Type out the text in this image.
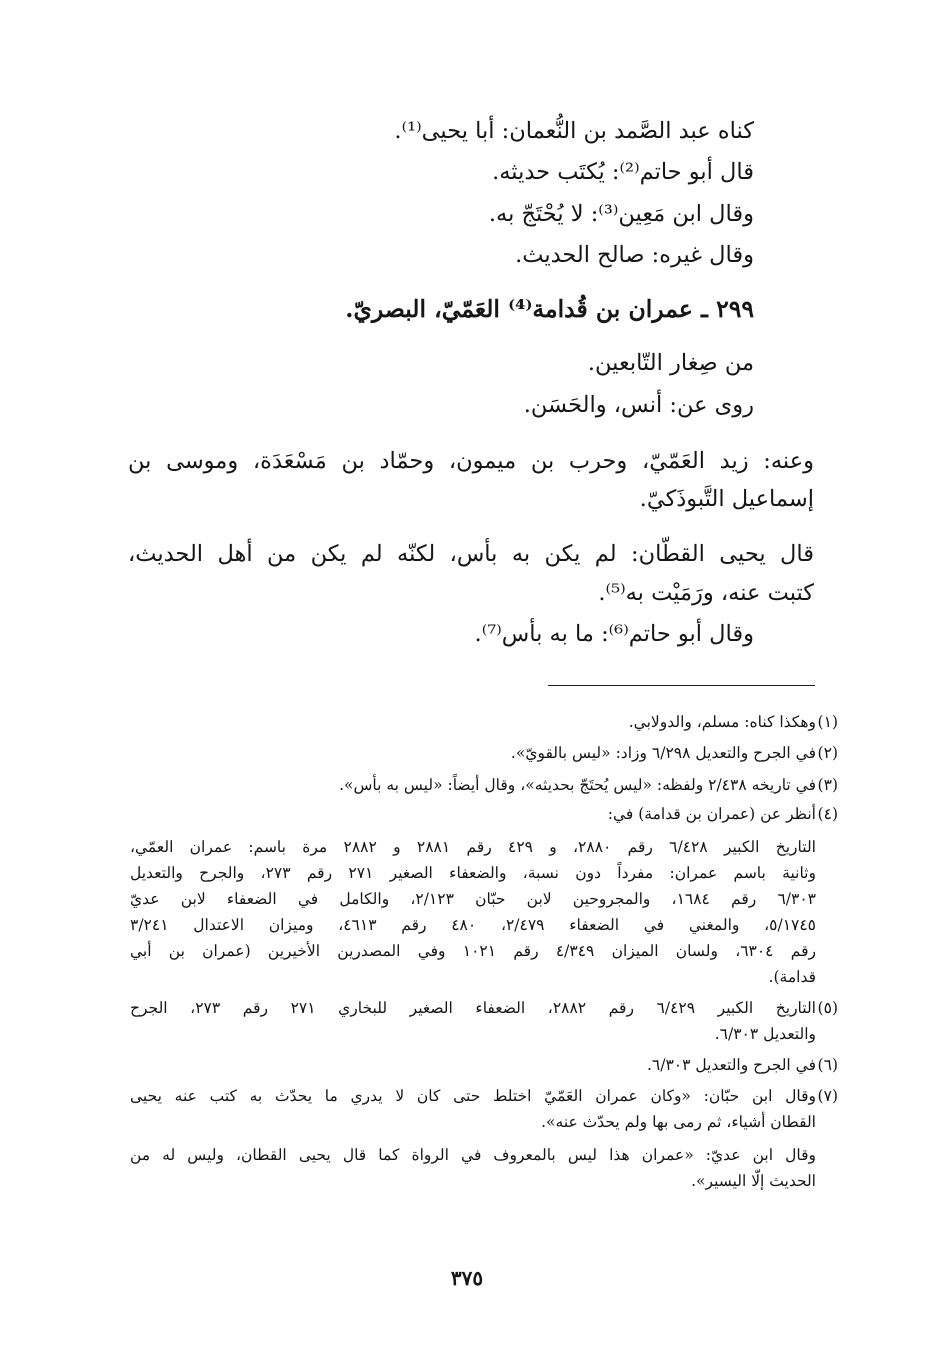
كناه عبد الصَّمد بن النُّعمان: أبا يحيى⁽¹⁾.
قال أبو حاتم⁽²⁾: يُكتَب حديثه.
وقال ابن مَعِين⁽³⁾: لا يُحْتَجّ به.
وقال غيره: صالح الحديث.
٢٩٩ ـ عمران بن قُدامة⁽⁴⁾ العَمّيّ، البصريّ.
من صِغار التّابعين.
روى عن: أنس، والحَسَن.
وعنه: زيد العَمّيّ، وحرب بن ميمون، وحمّاد بن مَسْعَدَة، وموسى بن
إسماعيل التَّبوذَكيّ.
قال يحيى القطّان: لم يكن به بأس، لكنّه لم يكن من أهل الحديث،
كتبت عنه، ورَمَيْت به⁽⁵⁾.
وقال أبو حاتم⁽⁶⁾: ما به بأس⁽⁷⁾.
(١)
وهكذا كناه: مسلم، والدولابي.
(٢)
في الجرح والتعديل ٦/٢٩٨ وزاد: «ليس بالقويّ».
(٣)
في تاريخه ٢/٤٣٨ ولفظه: «ليس يُحتَجّ بحديثه»، وقال أيضاً: «ليس به بأس».
(٤)
أنظر عن (عمران بن قدامة) في:
التاريخ الكبير ٦/٤٢٨ رقم ٢٨٨٠، و ٤٢٩ رقم ٢٨٨١ و ٢٨٨٢ مرة باسم: عمران العمّي،
وثانية باسم عمران: مفرداً دون نسبة، والضعفاء الصغير ٢٧١ رقم ٢٧٣، والجرح والتعديل
٦/٣٠٣ رقم ١٦٨٤، والمجروحين لابن حبّان ٢/١٢٣، والكامل في الضعفاء لابن عديّ
٥/١٧٤٥، والمغني في الضعفاء ٢/٤٧٩، ٤٨٠ رقم ٤٦١٣، وميزان الاعتدال ٣/٢٤١
رقم ٦٣٠٤، ولسان الميزان ٤/٣٤٩ رقم ١٠٢١ وفي المصدرين الأخيرين (عمران بن أبي
قدامة).
(٥)
التاريخ الكبير ٦/٤٢٩ رقم ٢٨٨٢، الضعفاء الصغير للبخاري ٢٧١ رقم ٢٧٣، الجرح
والتعديل ٦/٣٠٣.
(٦)
في الجرح والتعديل ٦/٣٠٣.
(٧)
وقال ابن حبّان: «وكان عمران العَمّيّ اختلط حتى كان لا يدري ما يحدّث به كتب عنه يحيى
القطان أشياء، ثم رمى بها ولم يحدّث عنه».
وقال ابن عديّ: «عمران هذا ليس بالمعروف في الرواة كما قال يحيى القطان، وليس له من
الحديث إلّا اليسير».
٣٧٥
